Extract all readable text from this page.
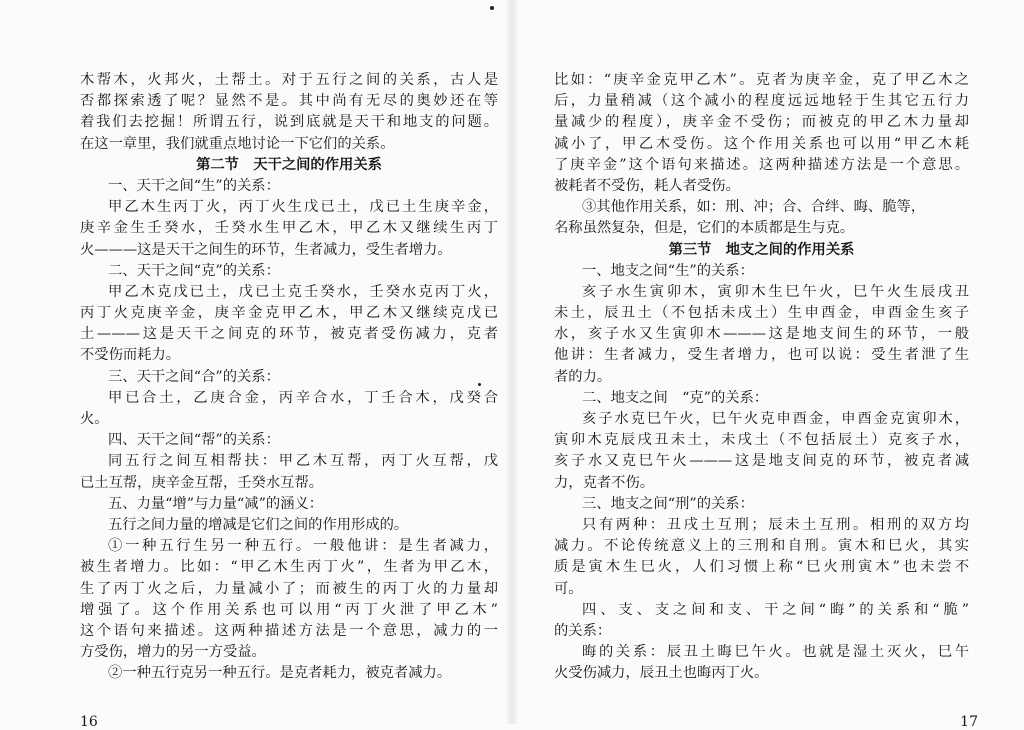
木帮木，火邦火，土帮土。对于五行之间的关系，古人是
否都探索透了呢？显然不是。其中尚有无尽的奥妙还在等
着我们去挖掘！所谓五行，说到底就是天干和地支的问题。
在这一章里，我们就重点地讨论一下它们的关系。
第二节　天干之间的作用关系
一、天干之间“生”的关系：
甲乙木生丙丁火，丙丁火生戊已土，戊已土生庚辛金，
庚辛金生壬癸水，壬癸水生甲乙木，甲乙木又继续生丙丁
火———这是天干之间生的环节，生者减力，受生者增力。
二、天干之间“克”的关系：
甲乙木克戊已土，戊已土克壬癸水，壬癸水克丙丁火，
丙丁火克庚辛金，庚辛金克甲乙木，甲乙木又继续克戊已
土———这是天干之间克的环节，被克者受伤减力，克者
不受伤而耗力。
三、天干之间“合”的关系：
甲已合土，乙庚合金，丙辛合水，丁壬合木，戊癸合
火。
四、天干之间“帮”的关系：
同五行之间互相帮扶：甲乙木互帮，丙丁火互帮，戊
已土互帮，庚辛金互帮，壬癸水互帮。
五、力量“增”与力量“减”的涵义：
五行之间力量的增减是它们之间的作用形成的。
①一种五行生另一种五行。一般他讲：是生者减力，
被生者增力。比如：“甲乙木生丙丁火”，生者为甲乙木，
生了丙丁火之后，力量减小了；而被生的丙丁火的力量却
增强了。这个作用关系也可以用“丙丁火泄了甲乙木”
这个语句来描述。这两种描述方法是一个意思，减力的一
方受伤，增力的另一方受益。
②一种五行克另一种五行。是克者耗力，被克者减力。
16	17
比如：“庚辛金克甲乙木”。克者为庚辛金，克了甲乙木之
后，力量稍减（这个减小的程度远远地轻于生其它五行力
量减少的程度），庚辛金不受伤；而被克的甲乙木力量却
减小了，甲乙木受伤。这个作用关系也可以用“甲乙木耗
了庚辛金”这个语句来描述。这两种描述方法是一个意思。
被耗者不受伤，耗人者受伤。
③其他作用关系，如：刑、冲；合、合绊、晦、脆等，
名称虽然复杂，但是，它们的本质都是生与克。
第三节　地支之间的作用关系
一、地支之间“生”的关系：
亥子水生寅卯木，寅卯木生巳午火，巳午火生辰戌丑
未土，辰丑土（不包括未戌土）生申酉金，申酉金生亥子
水，亥子水又生寅卯木———这是地支间生的环节，一般
他讲：生者减力，受生者增力，也可以说：受生者泄了生
者的力。
二、地支之间　“克”的关系：
亥子水克巳午火，巳午火克申酉金，申酉金克寅卯木，
寅卯木克辰戌丑未土，未戌土（不包括辰土）克亥子水，
亥子水又克巳午火———这是地支间克的环节，被克者减
力，克者不伤。
三、地支之间“刑”的关系：
只有两种：丑戌土互刑；辰未土互刑。相刑的双方均
减力。不论传统意义上的三刑和自刑。寅木和巳火，其实
质是寅木生巳火，人们习惯上称“巳火刑寅木”也未尝不
可。
四、支、支之间和支、干之间“晦”的关系和“脆”
的关系：
晦的关系：辰丑土晦巳午火。也就是湿土灭火，巳午
火受伤减力，辰丑土也晦丙丁火。
